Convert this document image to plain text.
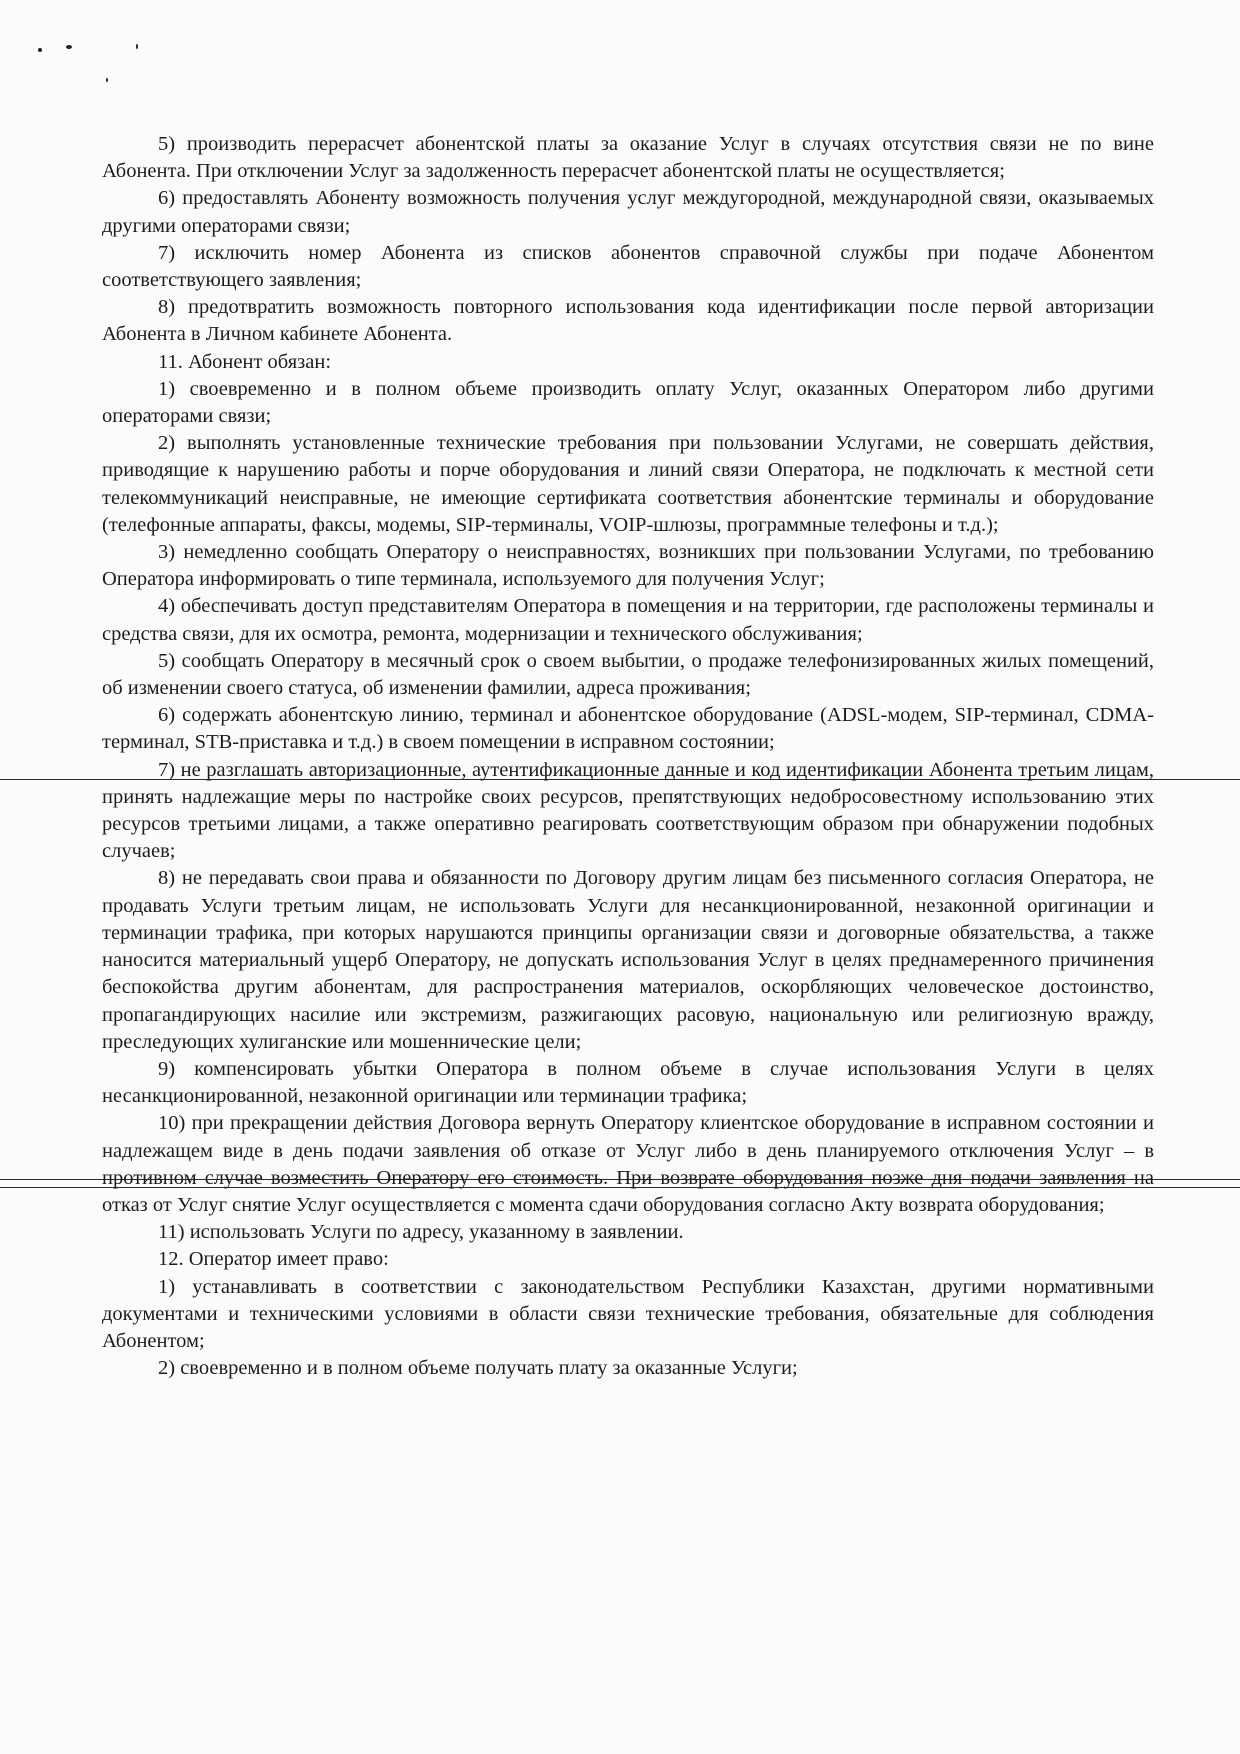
5) производить перерасчет абонентской платы за оказание Услуг в случаях отсутствия связи не по вине Абонента. При отключении Услуг за задолженность перерасчет абонентской платы не осуществляется;

6) предоставлять Абоненту возможность получения услуг междугородной, международной связи, оказываемых другими операторами связи;

7) исключить номер Абонента из списков абонентов справочной службы при подаче Абонентом соответствующего заявления;

8) предотвратить возможность повторного использования кода идентификации после первой авторизации Абонента в Личном кабинете Абонента.

11. Абонент обязан:

1) своевременно и в полном объеме производить оплату Услуг, оказанных Оператором либо другими операторами связи;

2) выполнять установленные технические требования при пользовании Услугами, не совершать действия, приводящие к нарушению работы и порче оборудования и линий связи Оператора, не подключать к местной сети телекоммуникаций неисправные, не имеющие сертификата соответствия абонентские терминалы и оборудование (телефонные аппараты, факсы, модемы, SIP-терминалы, VOIP-шлюзы, программные телефоны и т.д.);

3) немедленно сообщать Оператору о неисправностях, возникших при пользовании Услугами, по требованию Оператора информировать о типе терминала, используемого для получения Услуг;

4) обеспечивать доступ представителям Оператора в помещения и на территории, где расположены терминалы и средства связи, для их осмотра, ремонта, модернизации и технического обслуживания;

5) сообщать Оператору в месячный срок о своем выбытии, о продаже телефонизированных жилых помещений, об изменении своего статуса, об изменении фамилии, адреса проживания;

6) содержать абонентскую линию, терминал и абонентское оборудование (ADSL-модем, SIP-терминал, CDMA-терминал, STB-приставка и т.д.) в своем помещении в исправном состоянии;

7) не разглашать авторизационные, аутентификационные данные и код идентификации Абонента третьим лицам, принять надлежащие меры по настройке своих ресурсов, препятствующих недобросовестному использованию этих ресурсов третьими лицами, а также оперативно реагировать соответствующим образом при обнаружении подобных случаев;

8) не передавать свои права и обязанности по Договору другим лицам без письменного согласия Оператора, не продавать Услуги третьим лицам, не использовать Услуги для несанкционированной, незаконной оригинации и терминации трафика, при которых нарушаются принципы организации связи и договорные обязательства, а также наносится материальный ущерб Оператору, не допускать использования Услуг в целях преднамеренного причинения беспокойства другим абонентам, для распространения материалов, оскорбляющих человеческое достоинство, пропагандирующих насилие или экстремизм, разжигающих расовую, национальную или религиозную вражду, преследующих хулиганские или мошеннические цели;

9) компенсировать убытки Оператора в полном объеме в случае использования Услуги в целях несанкционированной, незаконной оригинации или терминации трафика;

10) при прекращении действия Договора вернуть Оператору клиентское оборудование в исправном состоянии и надлежащем виде в день подачи заявления об отказе от Услуг либо в день планируемого отключения Услуг – в противном случае возместить Оператору его стоимость. При возврате оборудования позже дня подачи заявления на отказ от Услуг снятие Услуг осуществляется с момента сдачи оборудования согласно Акту возврата оборудования;

11) использовать Услуги по адресу, указанному в заявлении.

12. Оператор имеет право:

1) устанавливать в соответствии с законодательством Республики Казахстан, другими нормативными документами и техническими условиями в области связи технические требования, обязательные для соблюдения Абонентом;

2) своевременно и в полном объеме получать плату за оказанные Услуги;
